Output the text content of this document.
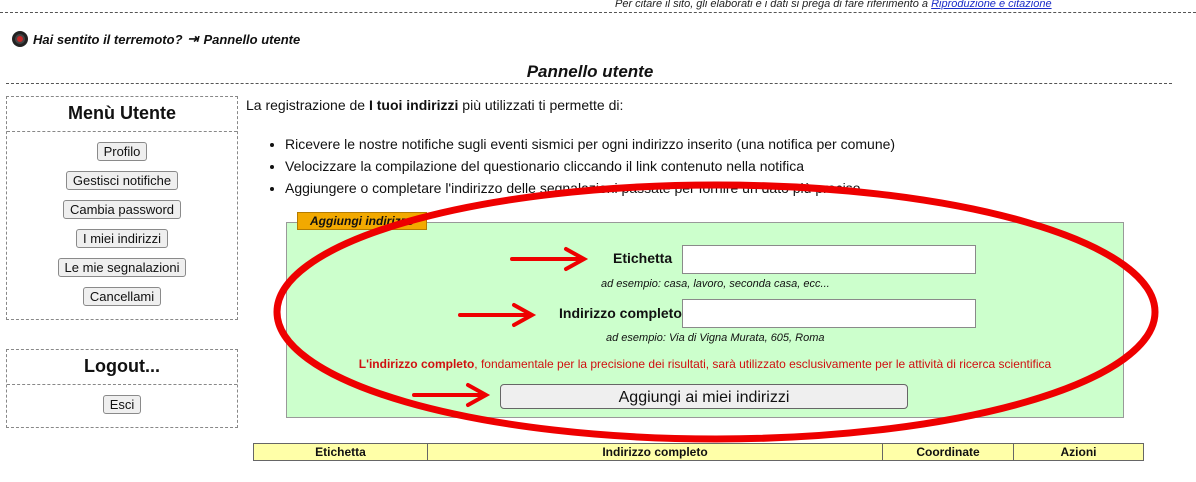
Per citare il sito, gli elaborati e i dati si prega di fare riferimento a Riproduzione e citazione
Hai sentito il terremoto? ⇥ Pannello utente
Pannello utente
Menù Utente
Profilo
Gestisci notifiche
Cambia password
I miei indirizzi
Le mie segnalazioni
Cancellami
Logout...
Esci
La registrazione de I tuoi indirizzi più utilizzati ti permette di:
• Ricevere le nostre notifiche sugli eventi sismici per ogni indirizzo inserito (una notifica per comune)
• Velocizzare la compilazione del questionario cliccando il link contenuto nella notifica
• Aggiungere o completare l'indirizzo delle segnalazioni passate per fornire un dato più preciso
Aggiungi indirizzo
Etichetta
ad esempio: casa, lavoro, seconda casa, ecc...
Indirizzo completo
ad esempio: Via di Vigna Murata, 605, Roma
L'indirizzo completo, fondamentale per la precisione dei risultati, sarà utilizzato esclusivamente per le attività di ricerca scientifica
Aggiungi ai miei indirizzi
Etichetta	Indirizzo completo	Coordinate	Azioni
